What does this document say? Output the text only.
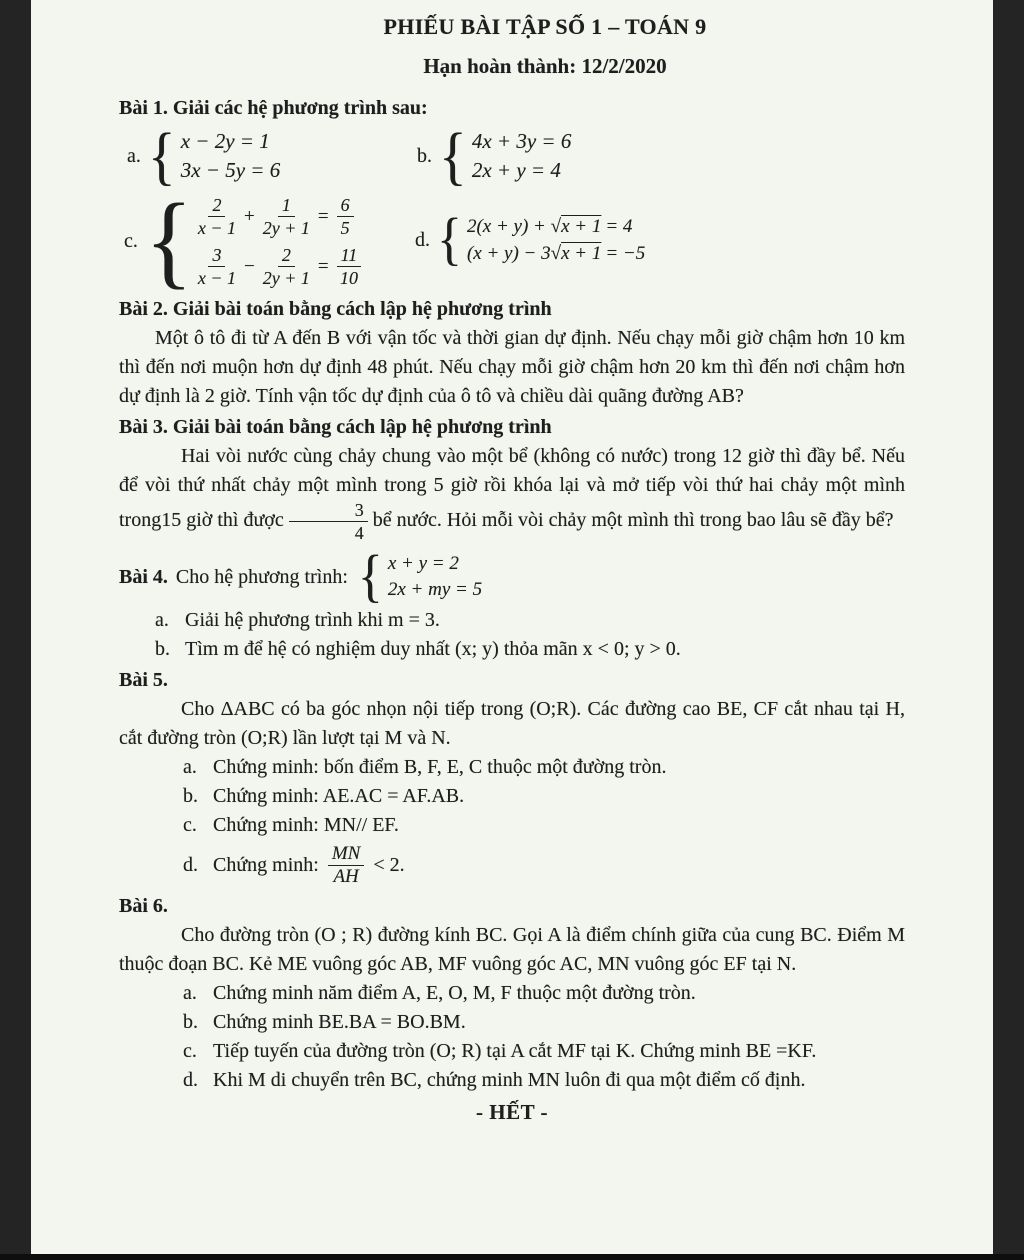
PHIẾU BÀI TẬP SỐ 1 – TOÁN 9
Hạn hoàn thành: 12/2/2020
Bài 1. Giải các hệ phương trình sau:
a. { x − 2y = 1
3x − 5y = 6
b. { 4x + 3y = 6
2x + y = 4
c. { $\frac{2}{x - 1} + \frac{1}{2y + 1} = \frac{6}{5}$
$\frac{3}{x - 1} - \frac{2}{2y + 1} = \frac{11}{10}$
d. { 2(x + y) + √x + 1 = 4
(x + y) − 3√x + 1 = −5
Bài 2. Giải bài toán bằng cách lập hệ phương trình

Một ô tô đi từ A đến B với vận tốc và thời gian dự định. Nếu chạy mỗi giờ chậm hơn 10 km thì đến nơi muộn hơn dự định 48 phút. Nếu chạy mỗi giờ chậm hơn 20 km thì đến nơi chậm hơn dự định là 2 giờ. Tính vận tốc dự định của ô tô và chiều dài quãng đường AB?

Bài 3. Giải bài toán bằng cách lập hệ phương trình

Hai vòi nước cùng chảy chung vào một bể (không có nước) trong 12 giờ thì đầy bể. Nếu để vòi thứ nhất chảy một mình trong 5 giờ rồi khóa lại và mở tiếp vòi thứ hai chảy một mình trong15 giờ thì được $\frac{3}{4}$ bể nước. Hỏi mỗi vòi chảy một mình thì trong bao lâu sẽ đầy bể?

Bài 4. Cho hệ phương trình: { x + y = 2
2x + my = 5
a. Giải hệ phương trình khi m = 3.
b. Tìm m để hệ có nghiệm duy nhất (x; y) thỏa mãn x < 0; y > 0.
Bài 5.

Cho ΔABC có ba góc nhọn nội tiếp trong (O;R). Các đường cao BE, CF cắt nhau tại H, cắt đường tròn (O;R) lần lượt tại M và N.

a. Chứng minh: bốn điểm B, F, E, C thuộc một đường tròn.
b. Chứng minh: AE.AC = AF.AB.
c. Chứng minh: MN// EF.
d. Chứng minh: $\frac{MN}{AH} < 2$.
Bài 6.

Cho đường tròn (O ; R) đường kính BC. Gọi A là điểm chính giữa của cung BC. Điểm M thuộc đoạn BC. Kẻ ME vuông góc AB, MF vuông góc AC, MN vuông góc EF tại N.

a. Chứng minh năm điểm A, E, O, M, F thuộc một đường tròn.
b. Chứng minh BE.BA = BO.BM.
c. Tiếp tuyến của đường tròn (O; R) tại A cắt MF tại K. Chứng minh BE =KF.
d. Khi M di chuyển trên BC, chứng minh MN luôn đi qua một điểm cố định.
- HẾT -
